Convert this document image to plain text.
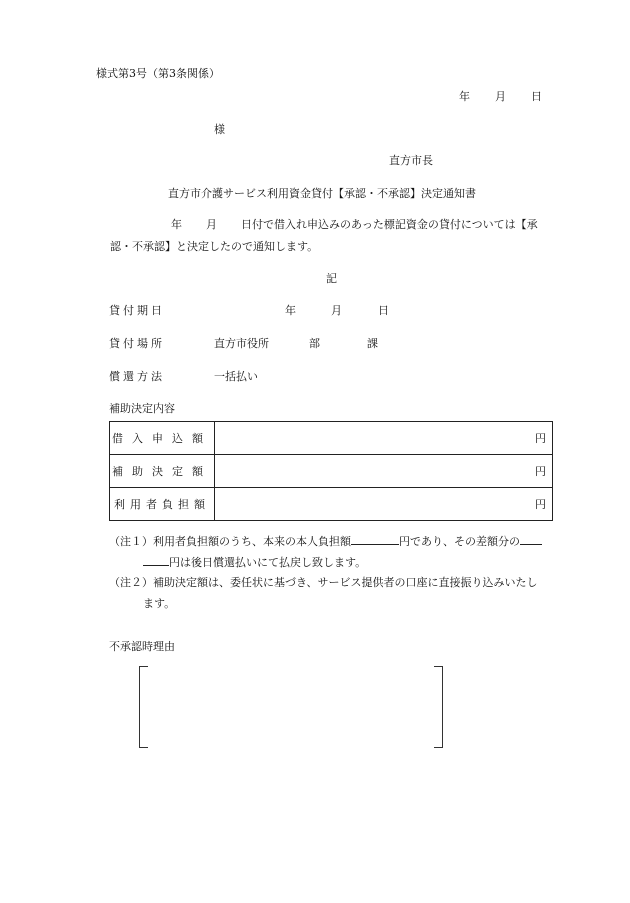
様式第3号（第3条関係）
年 月 日
様
直方市長
直方市介護サービス利用資金貸付【承認・不承認】決定通知書
年 月 日付で借入れ申込みのあった標記資金の貸付については【承
認・不承認】と決定したので通知します。
記
貸付期日	年	月	日
貸付場所	直方市役所	部	課
償還方法	一括払い
補助決定内容
借入申込額	円
補助決定額	円
利用者負担額	円
（注１）利用者負担額のうち、本来の本人負担額	円であり、その差額分の
円は後日償還払いにて払戻し致します。
（注２）補助決定額は、委任状に基づき、サービス提供者の口座に直接振り込みいたし
ます。
不承認時理由
